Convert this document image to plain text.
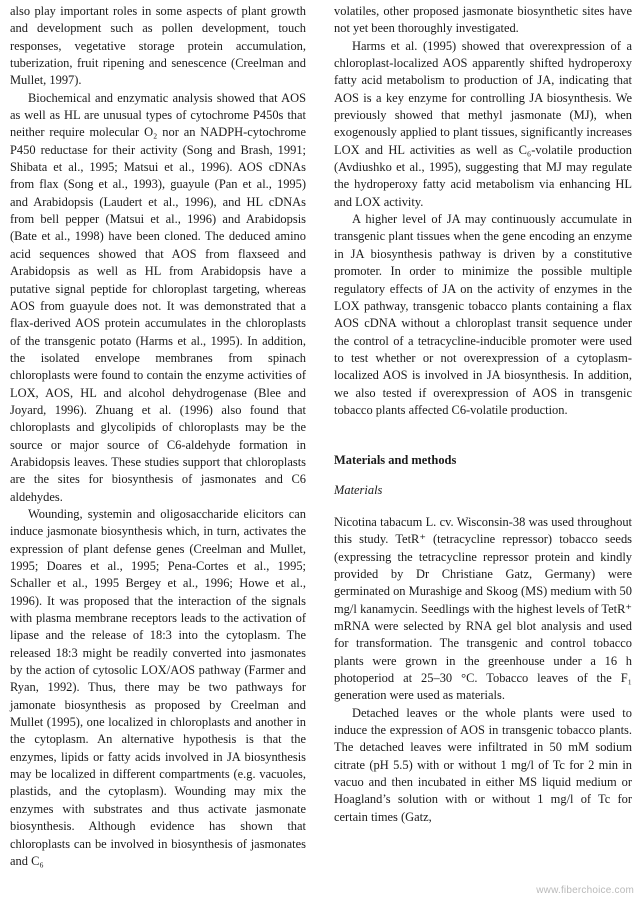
also play important roles in some aspects of plant growth and development such as pollen development, touch responses, vegetative storage protein accumulation, tuberization, fruit ripening and senescence (Creelman and Mullet, 1997).

Biochemical and enzymatic analysis showed that AOS as well as HL are unusual types of cytochrome P450s that neither require molecular O₂ nor an NADPH-cytochrome P450 reductase for their activity (Song and Brash, 1991; Shibata et al., 1995; Matsui et al., 1996). AOS cDNAs from flax (Song et al., 1993), guayule (Pan et al., 1995) and Arabidopsis (Laudert et al., 1996), and HL cDNAs from bell pepper (Matsui et al., 1996) and Arabidopsis (Bate et al., 1998) have been cloned. The deduced amino acid sequences showed that AOS from flaxseed and Arabidopsis as well as HL from Arabidopsis have a putative signal peptide for chloroplast targeting, whereas AOS from guayule does not. It was demonstrated that a flax-derived AOS protein accumulates in the chloroplasts of the transgenic potato (Harms et al., 1995). In addition, the isolated envelope membranes from spinach chloroplasts were found to contain the enzyme activities of LOX, AOS, HL and alcohol dehydrogenase (Blee and Joyard, 1996). Zhuang et al. (1996) also found that chloroplasts and glycolipids of chloroplasts may be the source or major source of C6-aldehyde formation in Arabidopsis leaves. These studies support that chloroplasts are the sites for biosynthesis of jasmonates and C6 aldehydes.

Wounding, systemin and oligosaccharide elicitors can induce jasmonate biosynthesis which, in turn, activates the expression of plant defense genes (Creelman and Mullet, 1995; Doares et al., 1995; Pena-Cortes et al., 1995; Schaller et al., 1995 Bergey et al., 1996; Howe et al., 1996). It was proposed that the interaction of the signals with plasma membrane receptors leads to the activation of lipase and the release of 18:3 into the cytoplasm. The released 18:3 might be readily converted into jasmonates by the action of cytosolic LOX/AOS pathway (Farmer and Ryan, 1992). Thus, there may be two pathways for jamonate biosynthesis as proposed by Creelman and Mullet (1995), one localized in chloroplasts and another in the cytoplasm. An alternative hypothesis is that the enzymes, lipids or fatty acids involved in JA biosynthesis may be localized in different compartments (e.g. vacuoles, plastids, and the cytoplasm). Wounding may mix the enzymes with substrates and thus activate jasmonate biosynthesis. Although evidence has shown that chloroplasts can be involved in biosynthesis of jasmonates and C₆

volatiles, other proposed jasmonate biosynthetic sites have not yet been thoroughly investigated.

Harms et al. (1995) showed that overexpression of a chloroplast-localized AOS apparently shifted hydroperoxy fatty acid metabolism to production of JA, indicating that AOS is a key enzyme for controlling JA biosynthesis. We previously showed that methyl jasmonate (MJ), when exogenously applied to plant tissues, significantly increases LOX and HL activities as well as C₆-volatile production (Avdiushko et al., 1995), suggesting that MJ may regulate the hydroperoxy fatty acid metabolism via enhancing HL and LOX activity.

A higher level of JA may continuously accumulate in transgenic plant tissues when the gene encoding an enzyme in JA biosynthesis pathway is driven by a constitutive promoter. In order to minimize the possible multiple regulatory effects of JA on the activity of enzymes in the LOX pathway, transgenic tobacco plants containing a flax AOS cDNA without a chloroplast transit sequence under the control of a tetracycline-inducible promoter were used to test whether or not overexpression of a cytoplasm-localized AOS is involved in JA biosynthesis. In addition, we also tested if overexpression of AOS in transgenic tobacco plants affected C6-volatile production.

Materials and methods
Materials

Nicotina tabacum L. cv. Wisconsin-38 was used throughout this study. TetR⁺ (tetracycline repressor) tobacco seeds (expressing the tetracycline repressor protein and kindly provided by Dr Christiane Gatz, Germany) were germinated on Murashige and Skoog (MS) medium with 50 mg/l kanamycin. Seedlings with the highest levels of TetR⁺ mRNA were selected by RNA gel blot analysis and used for transformation. The transgenic and control tobacco plants were grown in the greenhouse under a 16 h photoperiod at 25–30 °C. Tobacco leaves of the F₁ generation were used as materials.

Detached leaves or the whole plants were used to induce the expression of AOS in transgenic tobacco plants. The detached leaves were infiltrated in 50 mM sodium citrate (pH 5.5) with or without 1 mg/l of Tc for 2 min in vacuo and then incubated in either MS liquid medium or Hoagland’s solution with or without 1 mg/l of Tc for certain times (Gatz,

www.fiberchoice.com
